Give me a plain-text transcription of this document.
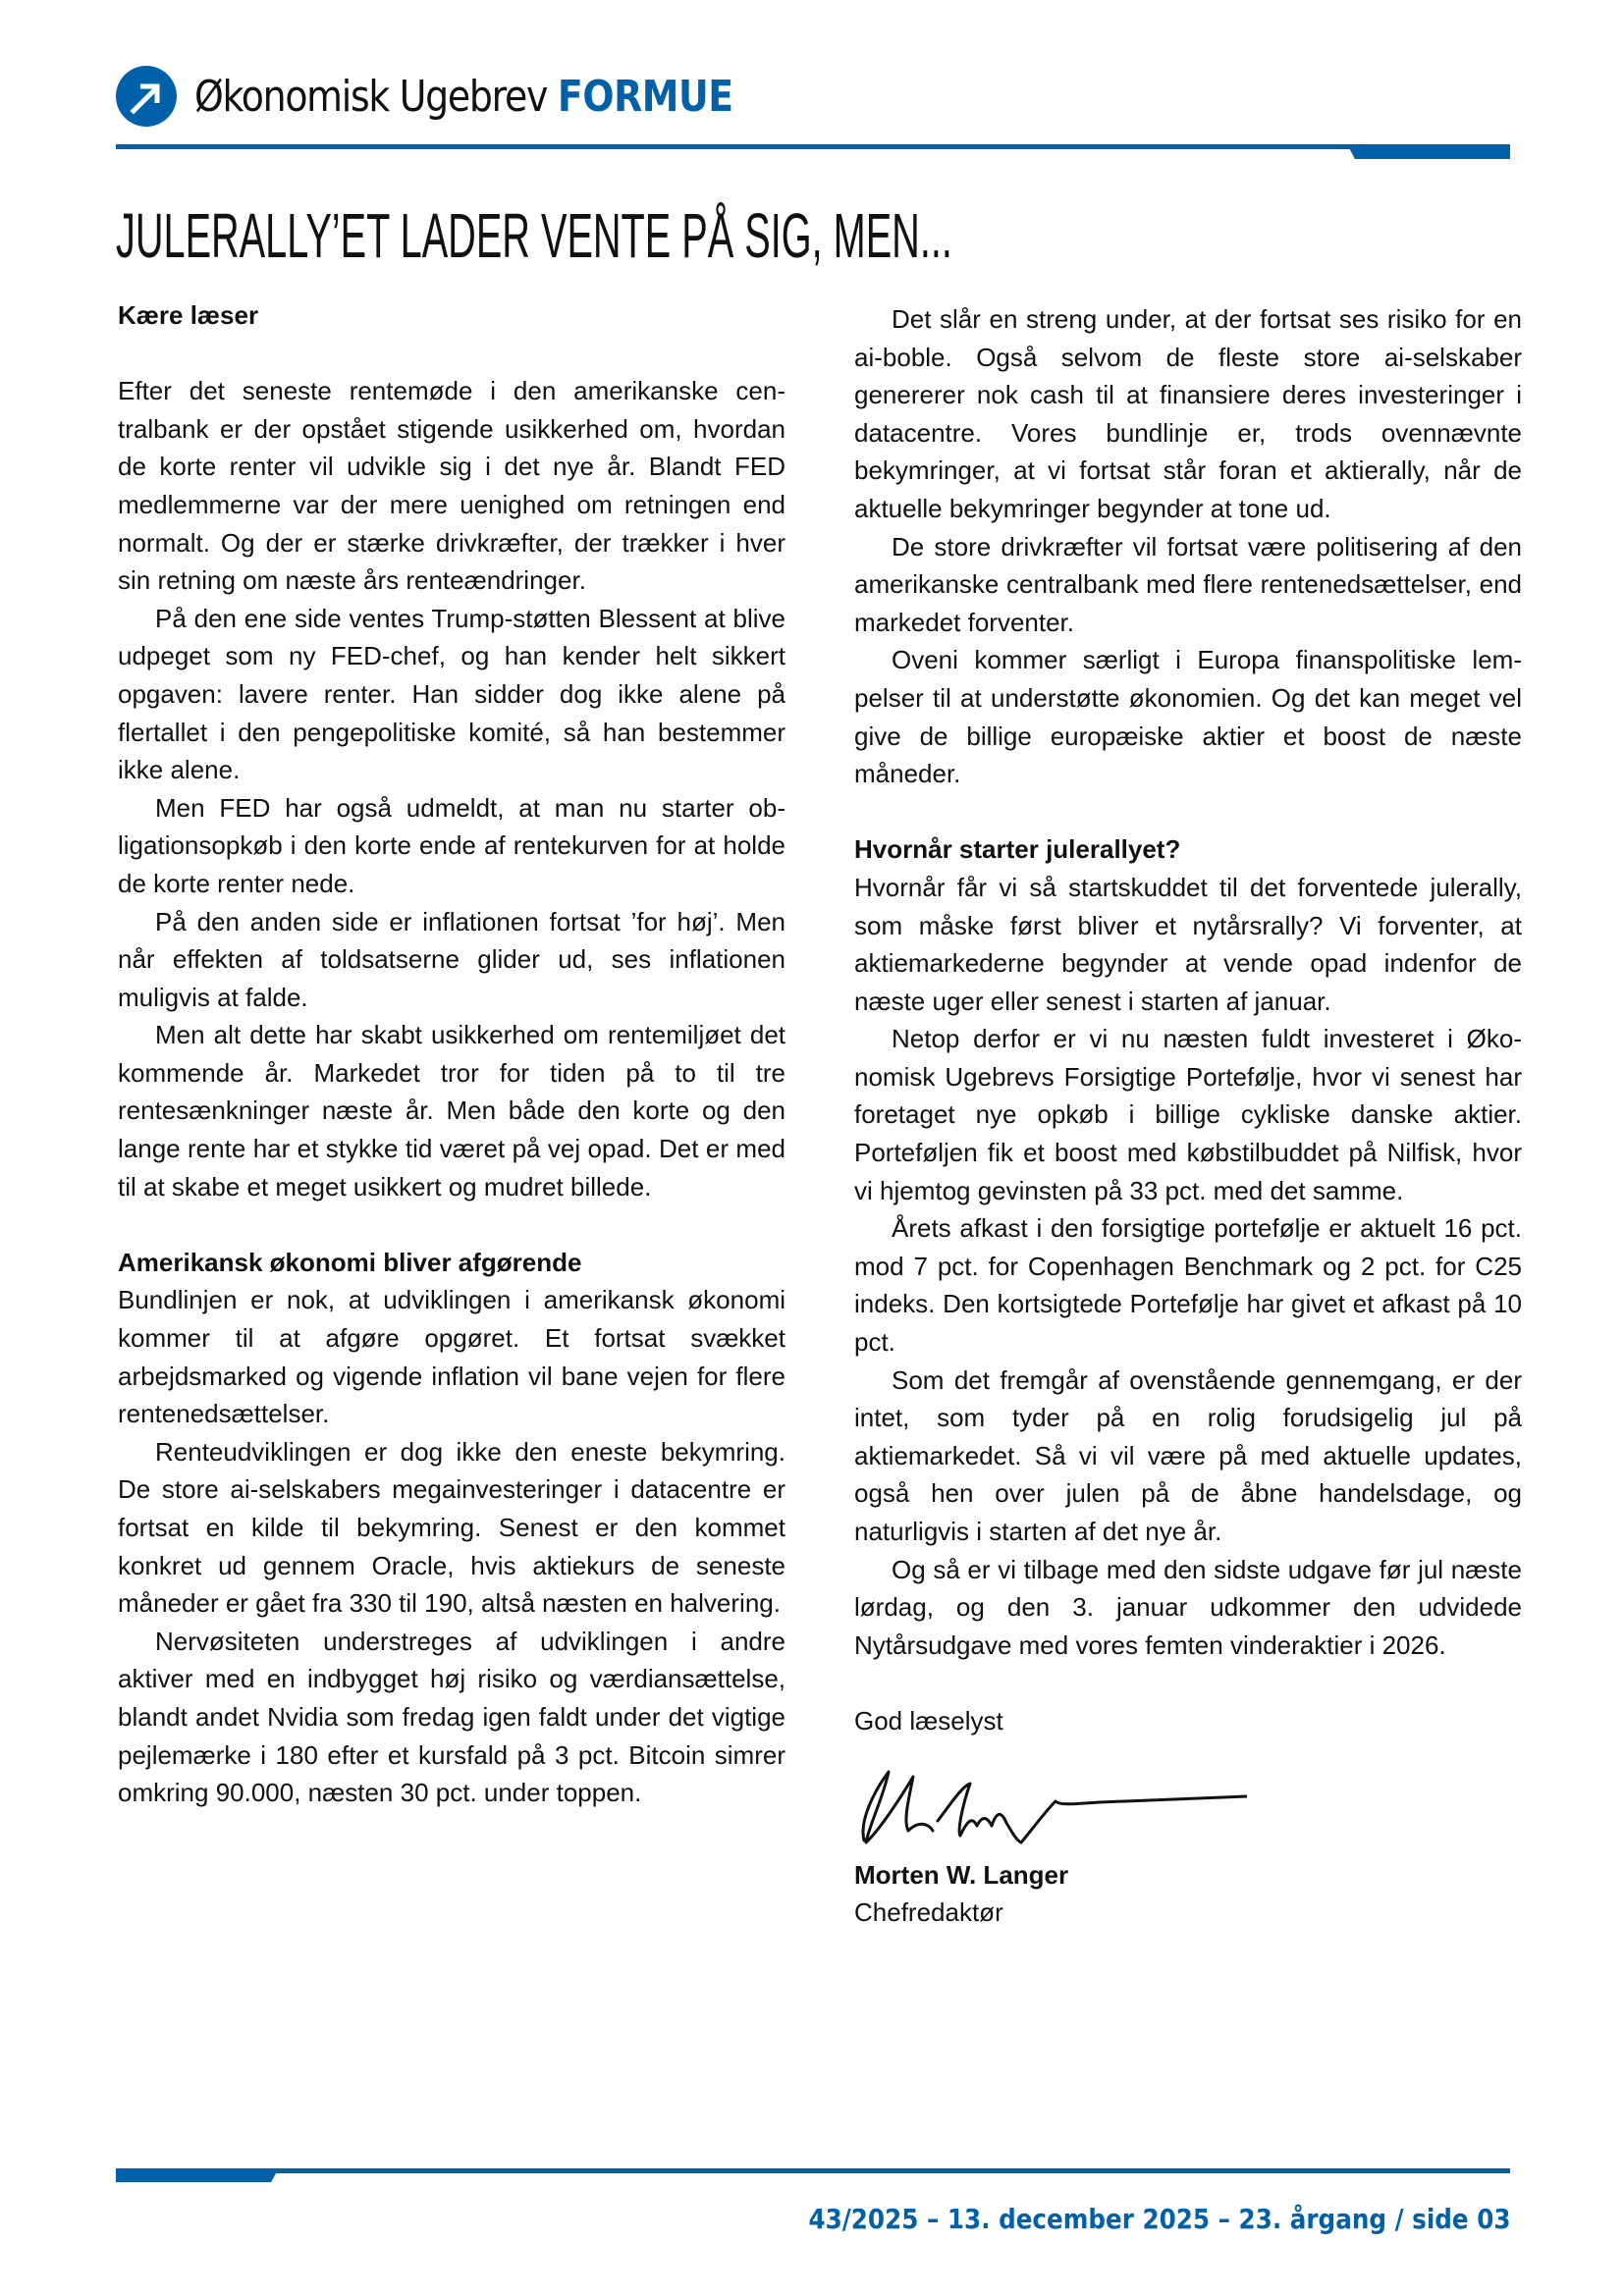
Økonomisk Ugebrev FORMUE
JULERALLY’ET LADER VENTE PÅ SIG, MEN...

Kære læser

Efter det seneste rentemøde i den amerikanske centralbank er der opstået stigende usikkerhed om, hvordan de korte renter vil udvikle sig i det nye år. Blandt FED medlemmerne var der mere uenighed om retningen end normalt. Og der er stærke drivkræfter, der trækker i hver sin retning om næste års renteændringer.

På den ene side ventes Trump-støtten Blessent at blive udpeget som ny FED-chef, og han kender helt sikkert opgaven: lavere renter. Han sidder dog ikke alene på flertallet i den pengepolitiske komité, så han bestemmer ikke alene.

Men FED har også udmeldt, at man nu starter obligationsopkøb i den korte ende af rentekurven for at holde de korte renter nede.

På den anden side er inflationen fortsat ’for høj’. Men når effekten af toldsatserne glider ud, ses inflationen muligvis at falde.

Men alt dette har skabt usikkerhed om rentemiljøet det kommende år. Markedet tror for tiden på to til tre rentesænkninger næste år. Men både den korte og den lange rente har et stykke tid været på vej opad. Det er med til at skabe et meget usikkert og mudret billede.

Amerikansk økonomi bliver afgørende

Bundlinjen er nok, at udviklingen i amerikansk økonomi kommer til at afgøre opgøret. Et fortsat svækket arbejdsmarked og vigende inflation vil bane vejen for flere rentenedsættelser.

Renteudviklingen er dog ikke den eneste bekymring. De store ai-selskabers megainvesteringer i datacentre er fortsat en kilde til bekymring. Senest er den kommet konkret ud gennem Oracle, hvis aktiekurs de seneste måneder er gået fra 330 til 190, altså næsten en halvering.

Nervøsiteten understreges af udviklingen i andre aktiver med en indbygget høj risiko og værdiansættelse, blandt andet Nvidia som fredag igen faldt under det vigtige pejlemærke i 180 efter et kursfald på 3 pct. Bitcoin simrer omkring 90.000, næsten 30 pct. under toppen.

Det slår en streng under, at der fortsat ses risiko for en ai-boble. Også selvom de fleste store ai-selskaber genererer nok cash til at finansiere deres investeringer i datacentre. Vores bundlinje er, trods ovennævnte bekymringer, at vi fortsat står foran et aktierally, når de aktuelle bekymringer begynder at tone ud.

De store drivkræfter vil fortsat være politisering af den amerikanske centralbank med flere rentenedsættelser, end markedet forventer.

Oveni kommer særligt i Europa finanspolitiske lempelser til at understøtte økonomien. Og det kan meget vel give de billige europæiske aktier et boost de næste måneder.

Hvornår starter julerallyet?

Hvornår får vi så startskuddet til det forventede julerally, som måske først bliver et nytårsrally? Vi forventer, at aktiemarkederne begynder at vende opad indenfor de næste uger eller senest i starten af januar.

Netop derfor er vi nu næsten fuldt investeret i Økonomisk Ugebrevs Forsigtige Portefølje, hvor vi senest har foretaget nye opkøb i billige cykliske danske aktier. Porteføljen fik et boost med købstilbuddet på Nilfisk, hvor vi hjemtog gevinsten på 33 pct. med det samme.

Årets afkast i den forsigtige portefølje er aktuelt 16 pct. mod 7 pct. for Copenhagen Benchmark og 2 pct. for C25 indeks. Den kortsigtede Portefølje har givet et afkast på 10 pct.

Som det fremgår af ovenstående gennemgang, er der intet, som tyder på en rolig forudsigelig jul på aktiemarkedet. Så vi vil være på med aktuelle updates, også hen over julen på de åbne handelsdage, og naturligvis i starten af det nye år.

Og så er vi tilbage med den sidste udgave før jul næste lørdag, og den 3. januar udkommer den udvidede Nytårsudgave med vores femten vinderaktier i 2026.

God læselyst

Morten W. Langer

Chefredaktør

43/2025 – 13. december 2025 – 23. årgang / side 03
